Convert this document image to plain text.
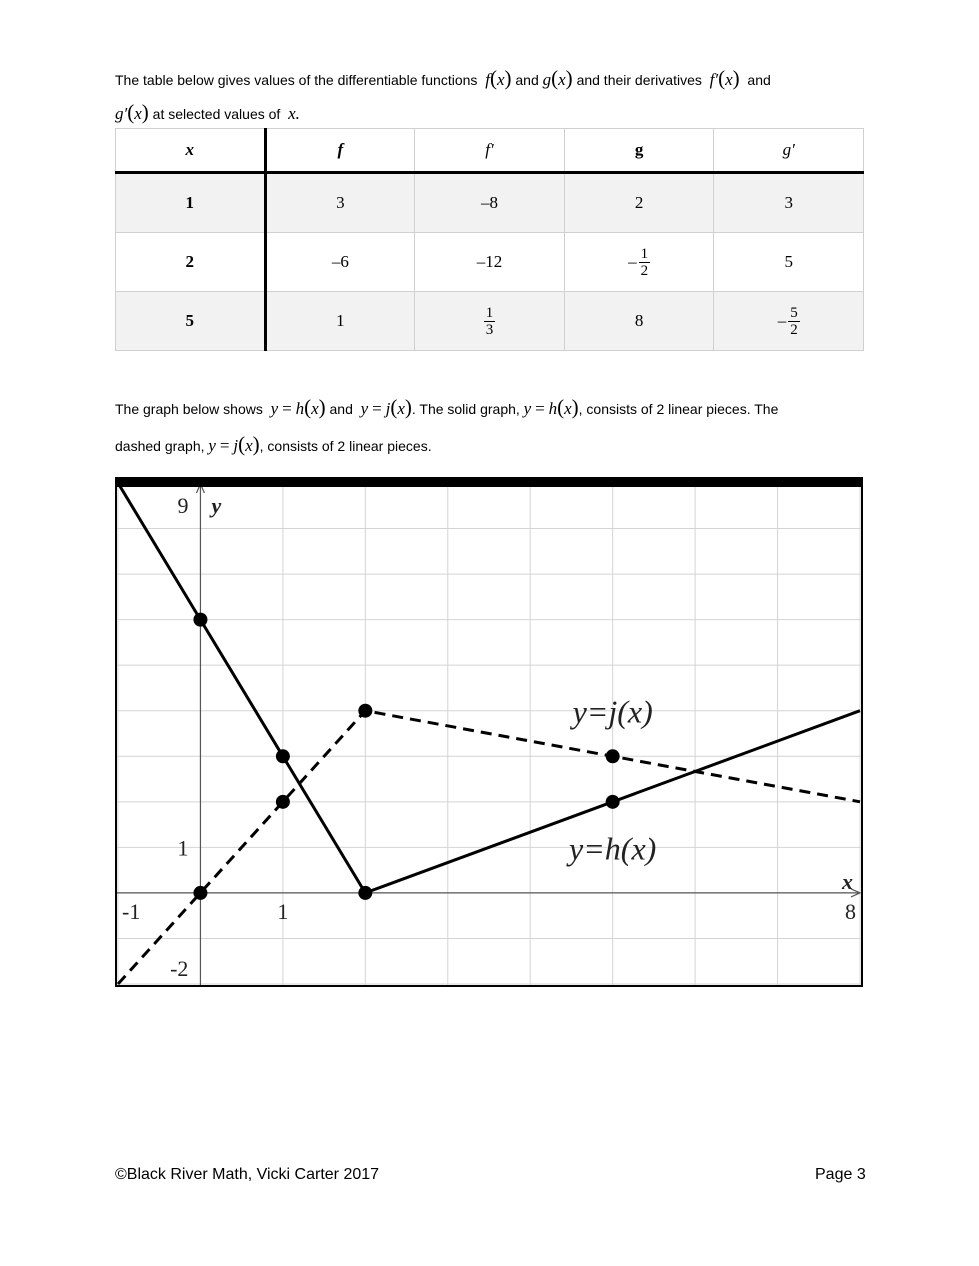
The table below gives values of the differentiable functions f(x) and g(x) and their derivatives f′(x) and
g′(x) at selected values of x.
x	f	f′	g	g′
1	3	–8	2	3
2	–6	–12	– $\frac{1}{2}$	5
5	1	$\frac{1}{3}$	8	– $\frac{5}{2}$
The graph below shows y = h(x) and y = j(x). The solid graph, y = h(x), consists of 2 linear pieces. The
dashed graph, y = j(x), consists of 2 linear pieces.
-1	1	8
9
1
-2
y
x
y=j(x)
y=h(x)
©Black River Math, Vicki Carter 2017	Page 3
